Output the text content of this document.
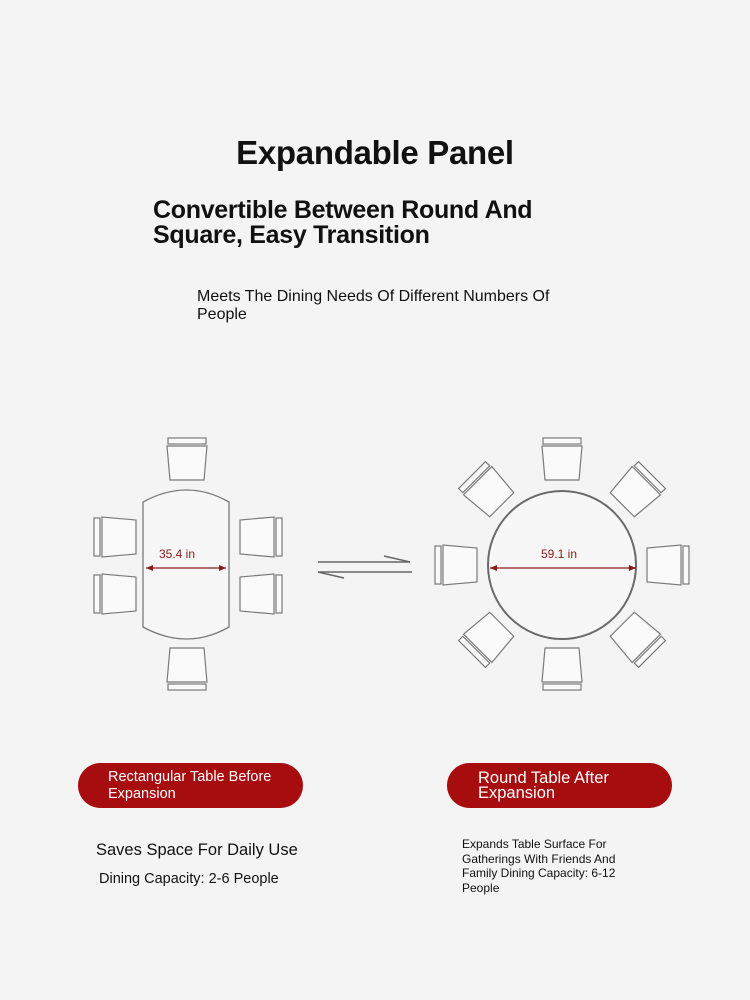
Expandable Panel
Convertible Between Round And Square, Easy Transition
Meets The Dining Needs Of Different Numbers Of People
35.4 in	59.1 in
Rectangular Table Before Expansion
Round Table After Expansion
Saves Space For Daily Use
Dining Capacity: 2-6 People
Expands Table Surface For Gatherings With Friends And Family Dining Capacity: 6-12 People
